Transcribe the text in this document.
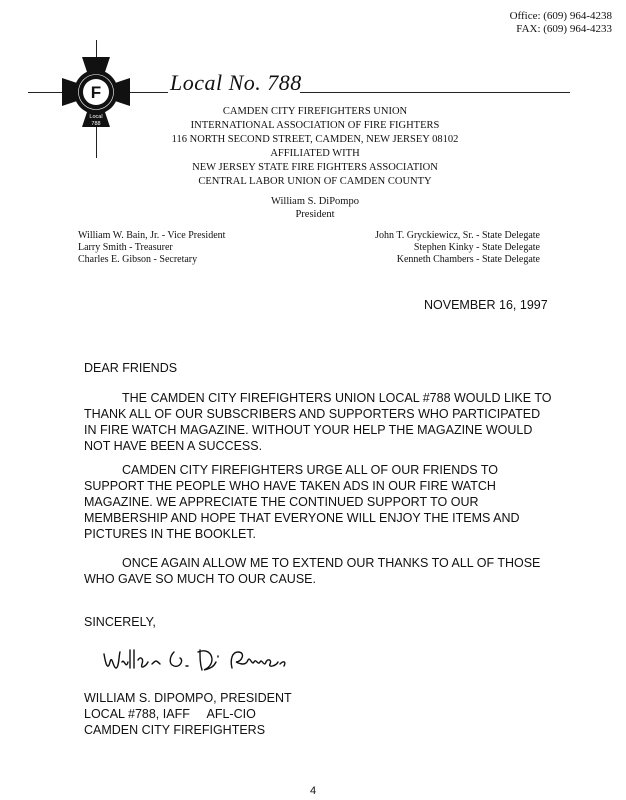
Office: (609) 964-4238
FAX: (609) 964-4233
F
Local
788
Local No. 788
CAMDEN CITY FIREFIGHTERS UNION
INTERNATIONAL ASSOCIATION OF FIRE FIGHTERS
116 NORTH SECOND STREET, CAMDEN, NEW JERSEY 08102
AFFILIATED WITH
NEW JERSEY STATE FIRE FIGHTERS ASSOCIATION
CENTRAL LABOR UNION OF CAMDEN COUNTY
William S. DiPompo
President
William W. Bain, Jr. - Vice President
Larry Smith - Treasurer
Charles E. Gibson - Secretary
John T. Gryckiewicz, Sr. - State Delegate
Stephen Kinky - State Delegate
Kenneth Chambers - State Delegate
NOVEMBER 16, 1997
DEAR FRIENDS
THE CAMDEN CITY FIREFIGHTERS UNION LOCAL #788 WOULD LIKE TO THANK ALL OF OUR SUBSCRIBERS AND SUPPORTERS WHO PARTICIPATED IN FIRE WATCH MAGAZINE. WITHOUT YOUR HELP THE MAGAZINE WOULD NOT HAVE BEEN A SUCCESS.
CAMDEN CITY FIREFIGHTERS URGE ALL OF OUR FRIENDS TO SUPPORT THE PEOPLE WHO HAVE TAKEN ADS IN OUR FIRE WATCH MAGAZINE. WE APPRECIATE THE CONTINUED SUPPORT TO OUR MEMBERSHIP AND HOPE THAT EVERYONE WILL ENJOY THE ITEMS AND PICTURES IN THE BOOKLET.
ONCE AGAIN ALLOW ME TO EXTEND OUR THANKS TO ALL OF THOSE WHO GAVE SO MUCH TO OUR CAUSE.
SINCERELY,
WILLIAM S. DIPOMPO, PRESIDENT
LOCAL #788, IAFF     AFL-CIO
CAMDEN CITY FIREFIGHTERS
4
